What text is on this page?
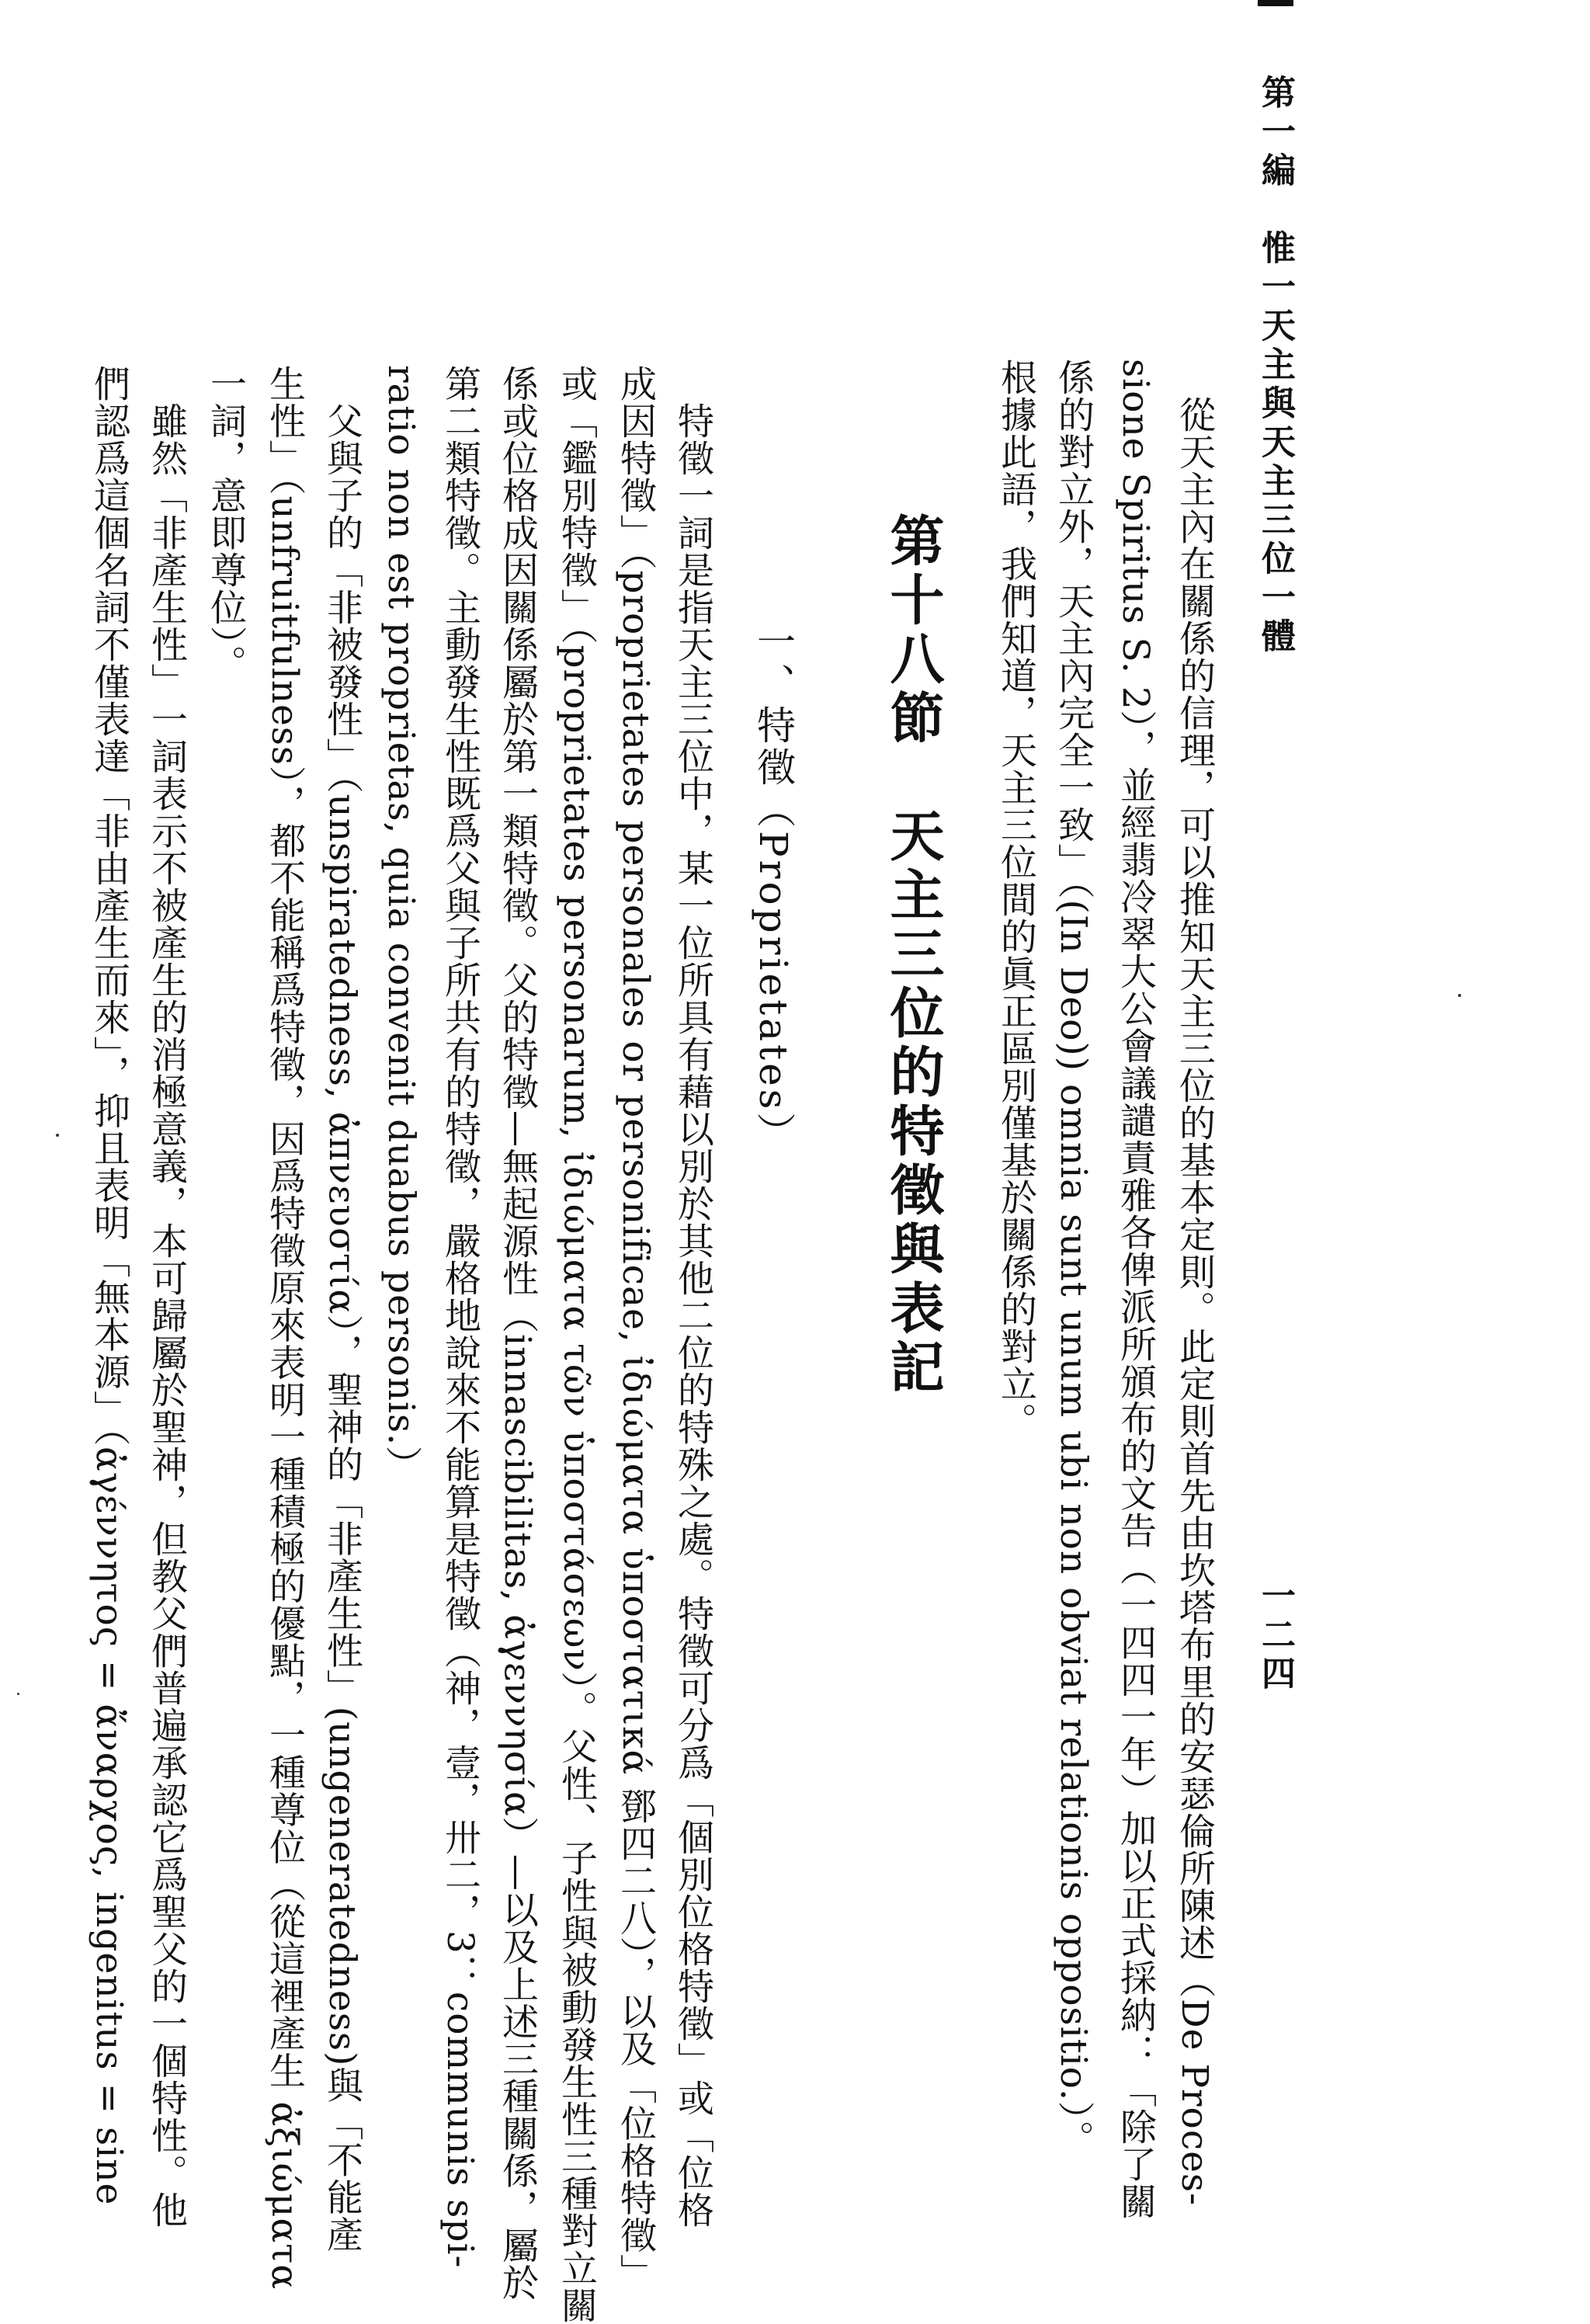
第一編　惟一天主與天主三位一體
一二四
　從天主內在關係的信理，可以推知天主三位的基本定則。此定則首先由坎塔布里的安瑟倫所陳述（De Proces-
sione Spiritus S. 2），並經翡冷翠大公會議譴責雅各俾派所頒布的文告（一四四一年）加以正式採納：「除了關
係的對立外，天主內完全一致」（(In Deo)) omnia sunt unum ubi non obviat relationis oppositio.）。
根據此語，我們知道，天主三位間的眞正區別僅基於關係的對立。
第十八節　天主三位的特徵與表記
一、特徵（Proprietates）
　特徵一詞是指天主三位中，某一位所具有藉以別於其他二位的特殊之處。特徵可分爲「個別位格特徵」或「位格
成因特徵」（proprietates personales or personificae, ἰδιώματα ὑποστατικά 鄧四二八），以及「位格特徵」
或「鑑別特徵」（proprietates personarum, ἰδιώματα τῶν ὑποστάσεων）。父性、子性與被動發生性三種對立關
係或位格成因關係屬於第一類特徵。父的特徵—無起源性（innascibilitas, ἀγεννησία）—以及上述三種關係，屬於
第二類特徵。主動發生性既爲父與子所共有的特徵，嚴格地說來不能算是特徵（神，壹，卅二，3：communis spi-
ratio non est proprietas, quia convenit duabus personis.）
　父與子的「非被發性」（unspiratedness, ἀπνευστία），聖神的「非產生性」(ungeneratedness)與「不能產
生性」（unfruitfulness），都不能稱爲特徵，因爲特徵原來表明一種積極的優點，一種尊位（從這裡產生 ἀξιώματα
一詞，意即尊位）。
　雖然「非產生性」一詞表示不被產生的消極意義，本可歸屬於聖神，但教父們普遍承認它爲聖父的一個特性。他
們認爲這個名詞不僅表達「非由產生而來」，抑且表明「無本源」（ἀγέννητος = ἄναρχος, ingenitus = sine
